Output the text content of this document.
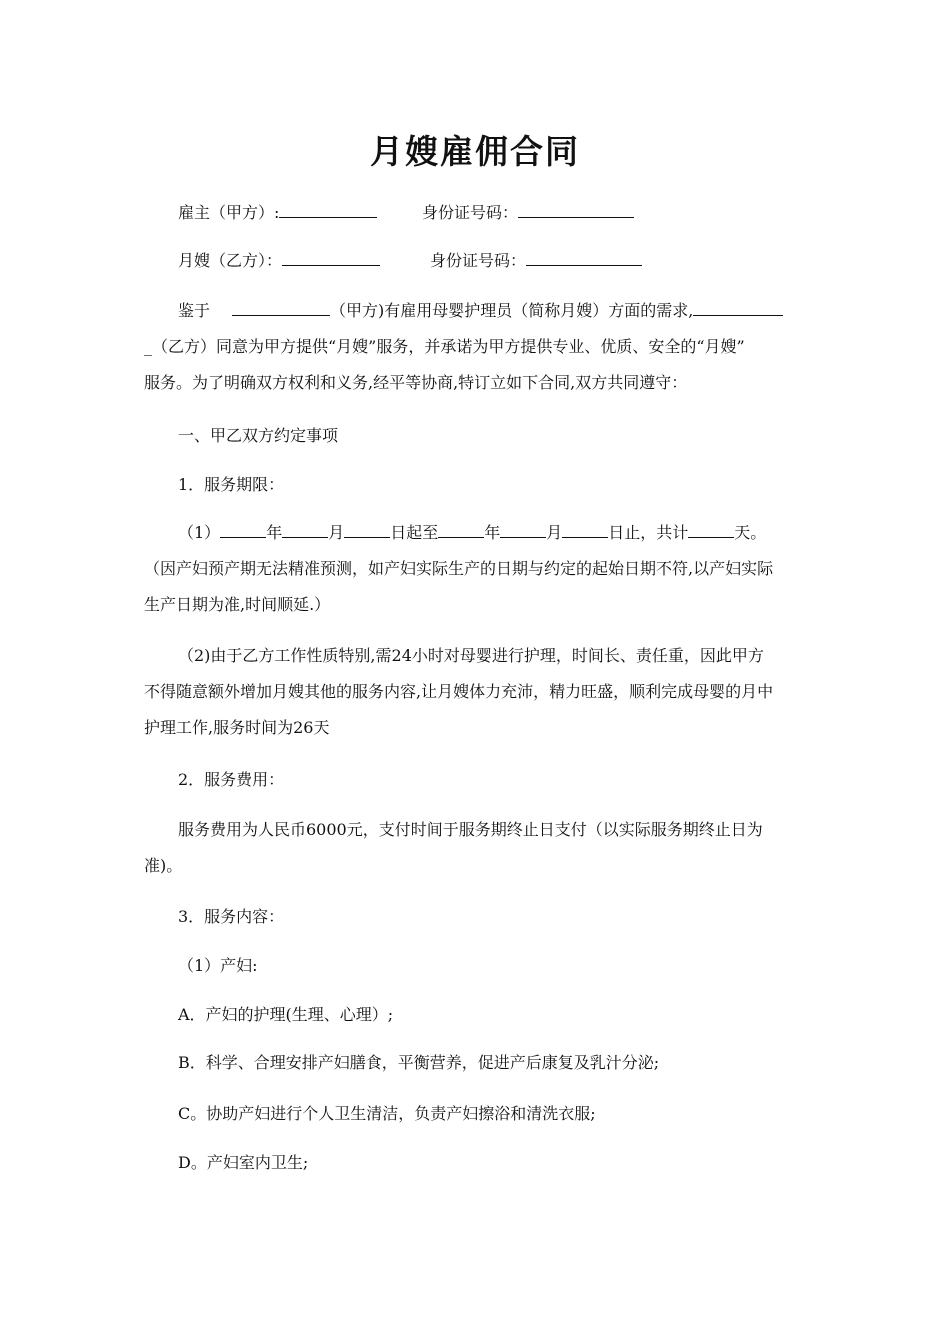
月嫂雇佣合同
雇主（甲方）:	身份证号码：
月嫂（乙方）：	身份证号码：
鉴于	（甲方)有雇用母婴护理员（简称月嫂）方面的需求,
_（乙方）同意为甲方提供“月嫂”服务，并承诺为甲方提供专业、优质、安全的“月嫂”
服务。为了明确双方权利和义务,经平等协商,特订立如下合同,双方共同遵守：
一、甲乙双方约定事项
1．服务期限：
（1）	年	月	日起至	年	月	日止，共计	天。
（因产妇预产期无法精准预测，如产妇实际生产的日期与约定的起始日期不符,以产妇实际
生产日期为准,时间顺延.）
（2)由于乙方工作性质特别,需24小时对母婴进行护理，时间长、责任重，因此甲方
不得随意额外增加月嫂其他的服务内容,让月嫂体力充沛，精力旺盛，顺利完成母婴的月中
护理工作,服务时间为26天
2．服务费用：
服务费用为人民币6000元，支付时间于服务期终止日支付（以实际服务期终止日为
准)。
3．服务内容：
（1）产妇:
A．产妇的护理(生理、心理）;
B．科学、合理安排产妇膳食，平衡营养，促进产后康复及乳汁分泌;
C。协助产妇进行个人卫生清洁，负责产妇擦浴和清洗衣服;
D。产妇室内卫生;
